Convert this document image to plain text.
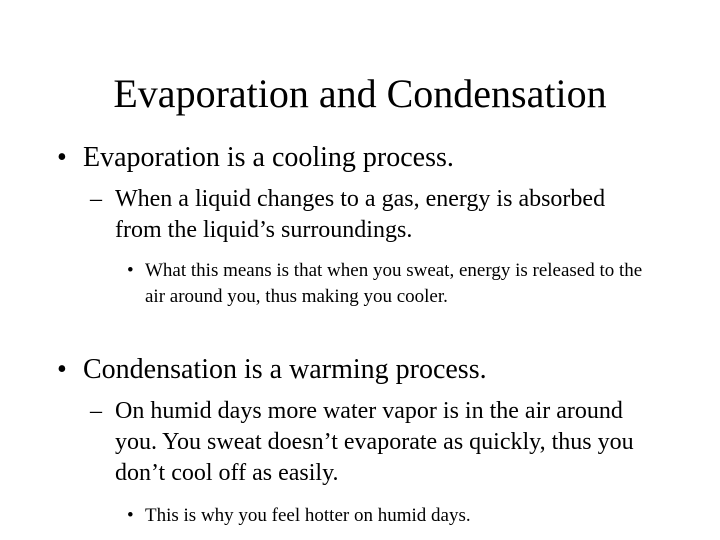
Evaporation and Condensation
• Evaporation is a cooling process.
– When a liquid changes to a gas, energy is absorbed from the liquid’s surroundings.
• What this means is that when you sweat, energy is released to the air around you, thus making you cooler.
• Condensation is a warming process.
– On humid days more water vapor is in the air around you. You sweat doesn’t evaporate as quickly, thus you don’t cool off as easily.
• This is why you feel hotter on humid days.
